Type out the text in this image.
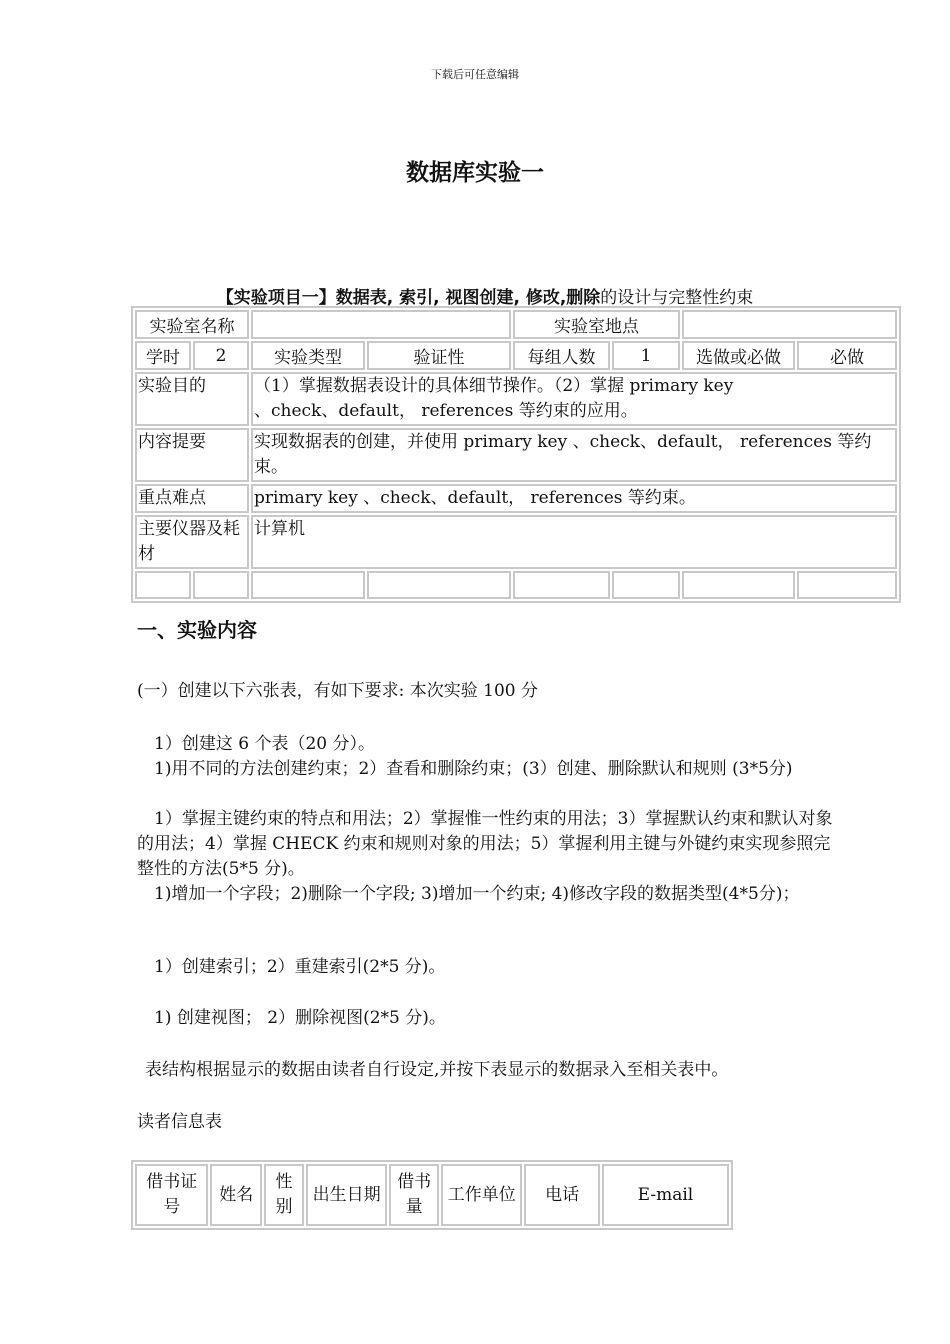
下载后可任意编辑
数据库实验一
【实验项目一】数据表, 索引, 视图创建, 修改,删除的设计与完整性约束
实验室名称				实验室地点			
学时	2	实验类型	验证性	每组人数	1	选做或必做	必做
实验目的		（1）掌握数据表设计的具体细节操作。（2）掌握 primary key
、check、default， references 等约束的应用。					

内容提要		实现数据表的创建，并使用 primary key 、check、default， references 等约束。					
重点难点		primary key 、check、default， references 等约束。					
主要仪器及耗材		计算机					

一、实验内容
(一）创建以下六张表，有如下要求: 本次实验 100 分
1）创建这 6 个表（20 分）。
1)用不同的方法创建约束；2）查看和删除约束；(3）创建、删除默认和规则 (3*5分)
1）掌握主键约束的特点和用法；2）掌握惟一性约束的用法；3）掌握默认约束和默认对象的用法；4）掌握 CHECK 约束和规则对象的用法；5）掌握利用主键与外键约束实现参照完整性的方法(5*5 分)。
1)增加一个字段；2)删除一个字段; 3)增加一个约束; 4)修改字段的数据类型(4*5分)；
1）创建索引；2）重建索引(2*5 分)。
1) 创建视图； 2）删除视图(2*5 分)。
表结构根据显示的数据由读者自行设定,并按下表显示的数据录入至相关表中。
读者信息表
借书证号	姓名	性别	出生日期	借书量	工作单位	电话	E-mail
